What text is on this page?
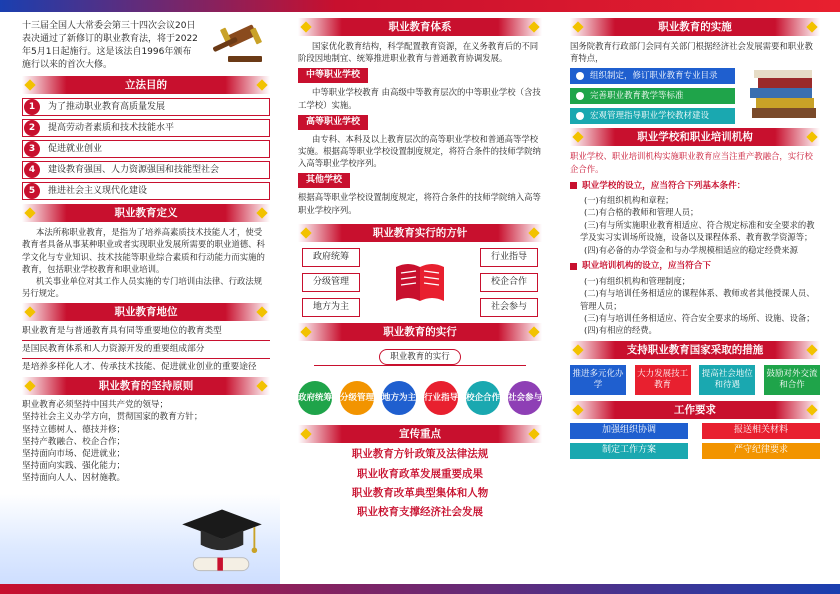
十三届全国人大常委会第三十四次会议20日表决通过了新修订的职业教育法，将于2022年5月1日起施行。这是该法自1996年颁布施行以来的首次大修。
立法目的
1	为了推动职业教育高质量发展
2	提高劳动者素质和技术技能水平
3	促进就业创业
4	建设教育强国、人力资源强国和技能型社会
5	推进社会主义现代化建设
职业教育定义

本法所称职业教育，是指为了培养高素质技术技能人才，使受教育者具备从事某种职业或者实现职业发展所需要的职业道德、科学文化与专业知识、技术技能等职业综合素质和行动能力而实施的教育，包括职业学校教育和职业培训。

机关事业单位对其工作人员实施的专门培训由法律、行政法规另行规定。

职业教育地位

职业教育是与普通教育具有同等重要地位的教育类型

是国民教育体系和人力资源开发的重要组成部分

是培养多样化人才、传承技术技能、促进就业创业的重要途径

职业教育的坚持原则
职业教育必须坚持中国共产党的领导；
坚持社会主义办学方向，贯彻国家的教育方针；
坚持立德树人、德技并修；
坚持产教融合、校企合作；
坚持面向市场、促进就业；
坚持面向实践、强化能力；
坚持面向人人、因材施教。
职业教育体系

国家优化教育结构，科学配置教育资源，在义务教育后的不同阶段因地制宜、统筹推进职业教育与普通教育协调发展。

中等职业学校

中等职业学校教育 由高级中等教育层次的中等职业学校（含技工学校）实施。

高等职业学校

由专科、本科及以上教育层次的高等职业学校和普通高等学校实施。根据高等职业学校设置制度规定，将符合条件的技师学院纳入高等职业学校序列。

其他学校

根据高等职业学校设置制度规定，将符合条件的技师学院纳入高等职业学校序列。

职业教育实行的方针
政府统筹
分级管理
地方为主
行业指导
校企合作
社会参与
职业教育的实行
职业教育的实行
政府统筹 分级管理 地方为主 行业指导 校企合作 社会参与
宣传重点
职业教育方针政策及法律法规
职业收育政革发展重要成果
职业教育改革典型集体和人物
职业校育支撑经济社会发展
职业教育的实施

国务院教育行政部门会同有关部门根据经济社会发展需要和职业教育特点，

组织制定，修订职业教育专业目录
完善职业教育教学等标准
宏观管理指导职业学校教材建设
职业学校和职业培训机构

职业学校、职业培训机构实施职业教育应当注重产教融合，实行校企合作。

职业学校的设立，应当符合下列基本条件：
(一)有组织机构和章程；
(二)有合格的教师和管理人员；
(三)有与所实施职业教育相适应、符合规定标准和安全要求的教学及实习实训场所设施，设备以及课程体系、教育教学资源等；
(四)有必备的办学资金和与办学规模相适应的稳定经费来源
职业培训机构的设立，应当符合下
(一)有组织机构和管理制度；
(二)有与培训任务相适应的课程体系、教师或者其他授课人员、管理人员；
(三)有与培训任务相适应、符合安全要求的场所、设施、设备；
(四)有相应的经费。
支持职业教育国家采取的措施
推进多元化办学
大力发展技工教育
提高社会地位和待遇
鼓励对外交流和合作
工作要求
加强组织协调	报送相关材料
制定工作方案	严守纪律要求
